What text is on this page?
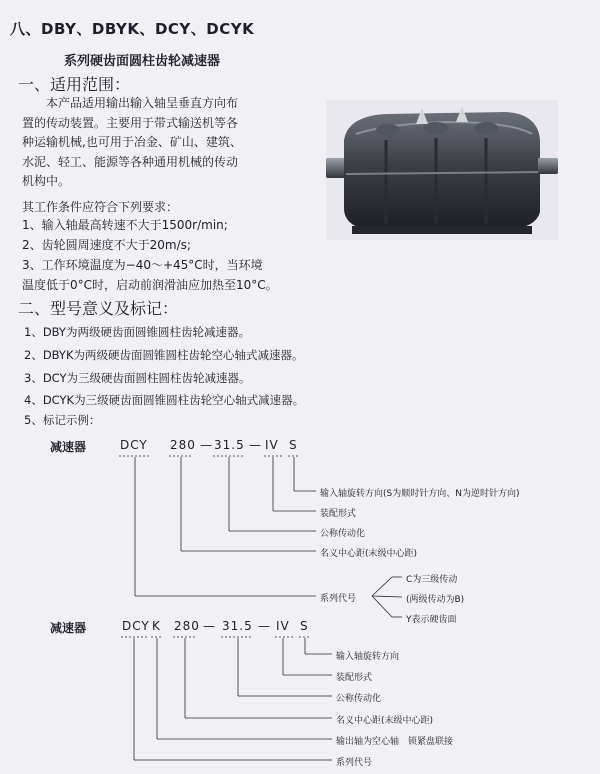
八、DBY、DBYK、DCY、DCYK
系列硬齿面圆柱齿轮减速器
一、适用范围：
　　本产品适用输出输入轴呈垂直方向布
置的传动装置。主要用于带式输送机等各
种运输机械,也可用于冶金、矿山、建筑、
水泥、轻工、能源等各种通用机械的传动
机构中。
其工作条件应符合下列要求：
1、输入轴最高转速不大于1500r/min;
2、齿轮圆周速度不大于20m/s;
3、工作环境温度为−40～+45°C时，当环境
温度低于0°C时，启动前润滑油应加热至10°C。
二、型号意义及标记：
1、DBY为两级硬齿面圆锥圆柱齿轮减速器。
2、DBYK为两级硬齿面圆锥圆柱齿轮空心轴式减速器。
3、DCY为三级硬齿面圆柱圆柱齿轮减速器。
4、DCYK为三级硬齿面圆锥圆柱齿轮空心轴式减速器。
5、标记示例：
减速器	DCY 280 — 31.5 — IV S
输入轴旋转方向(S为顺时针方向、N为逆时针方向)
装配形式
公称传动化
名义中心距(末级中心距)
系列代号
C为三级传动
(两级传动为B)
Y表示硬齿面
减速器	DCY K 280 — 31.5 — IV S
输入轴旋转方向
装配形式
公称传动化
名义中心距(末级中心距)
输出轴为空心轴　锁紧盘联接
系列代号
